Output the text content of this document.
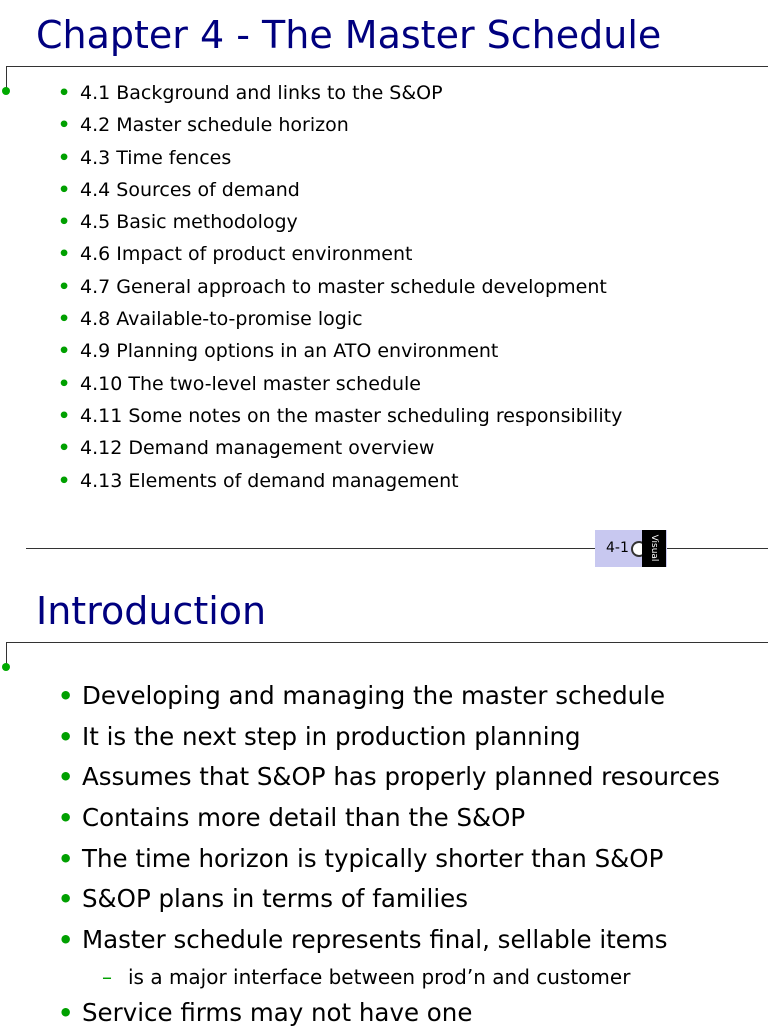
Chapter 4 - The Master Schedule
• 4.1 Background and links to the S&OP
• 4.2 Master schedule horizon
• 4.3 Time fences
• 4.4 Sources of demand
• 4.5 Basic methodology
• 4.6 Impact of product environment
• 4.7 General approach to master schedule development
• 4.8 Available-to-promise logic
• 4.9 Planning options in an ATO environment
• 4.10 The two-level master schedule
• 4.11 Some notes on the master scheduling responsibility
• 4.12 Demand management overview
• 4.13 Elements of demand management
4-1 Visual
Introduction
• Developing and managing the master schedule
• It is the next step in production planning
• Assumes that S&OP has properly planned resources
• Contains more detail than the S&OP
• The time horizon is typically shorter than S&OP
• S&OP plans in terms of families
• Master schedule represents final, sellable items
– is a major interface between prod’n and customer
• Service firms may not have one
